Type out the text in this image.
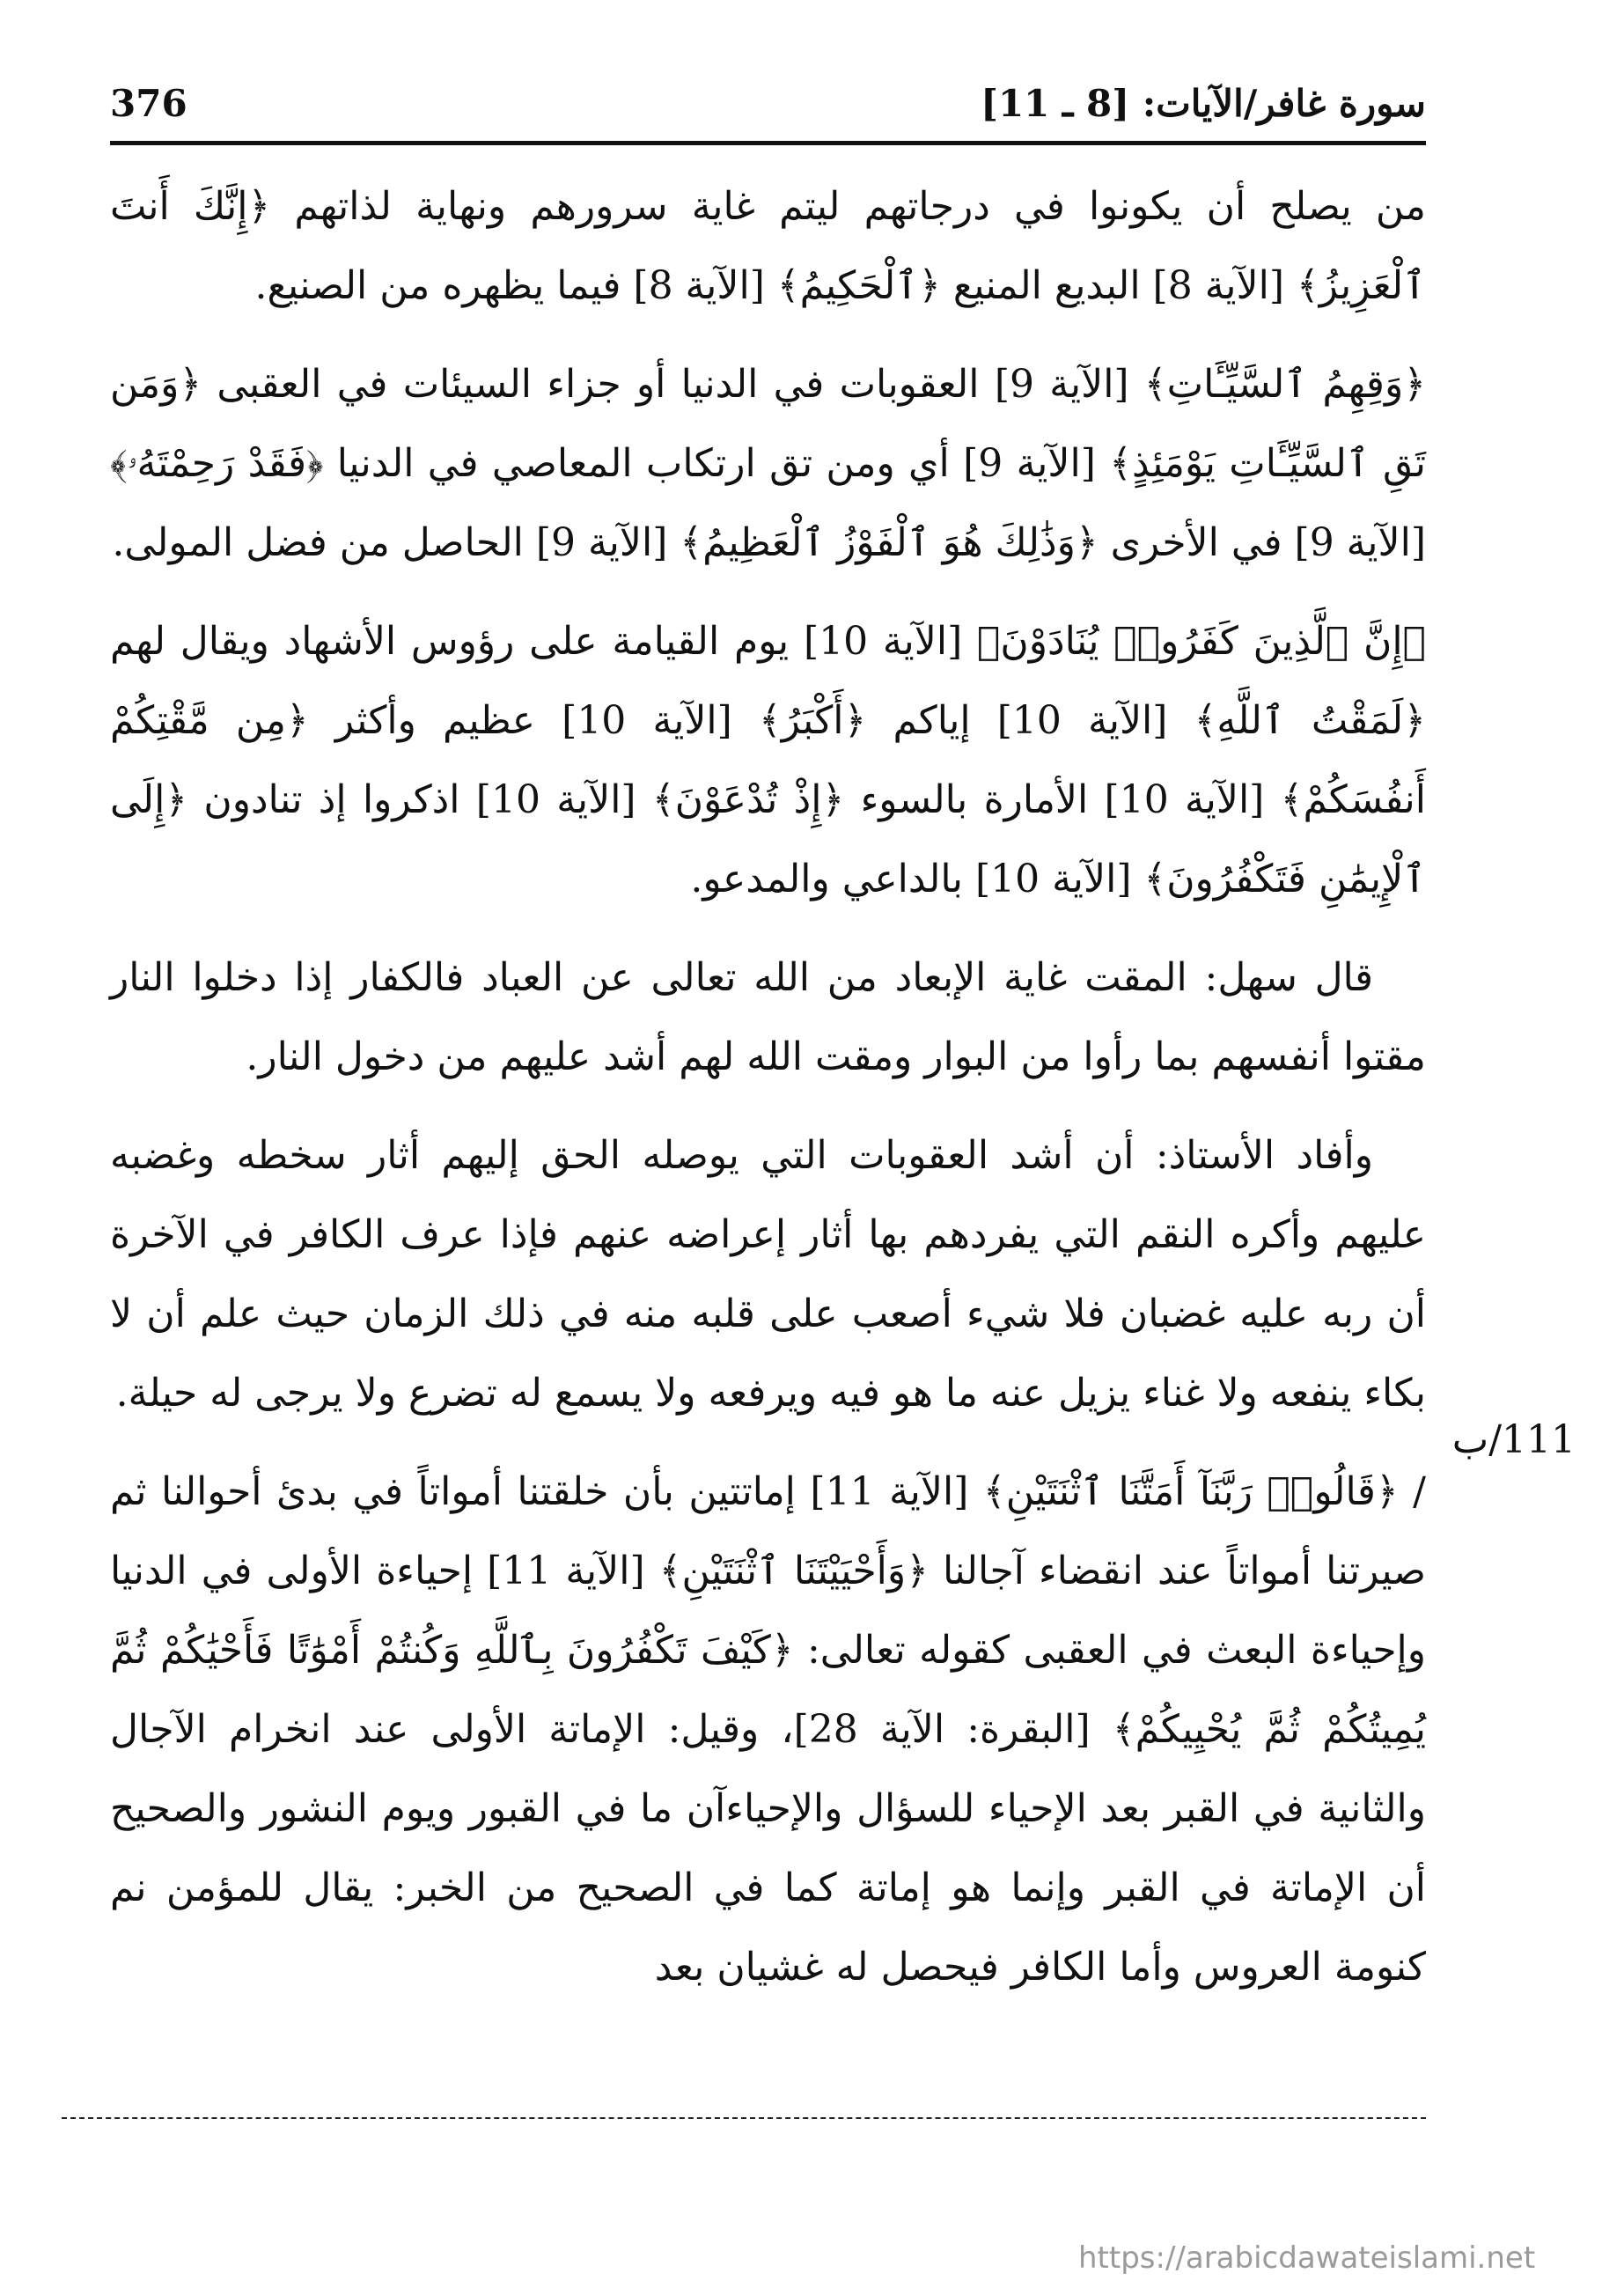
376	سورة غافر/الآيات: [8 ـ 11]
111/ب

من يصلح أن يكونوا في درجاتهم ليتم غاية سرورهم ونهاية لذاتهم ﴿إِنَّكَ أَنتَ ٱلْعَزِيزُ﴾ [الآية 8] البديع المنيع ﴿ٱلْحَكِيمُ﴾ [الآية 8] فيما يظهره من الصنيع.

﴿وَقِهِمُ ٱلسَّيِّـَٔاتِ﴾ [الآية 9] العقوبات في الدنيا أو جزاء السيئات في العقبى ﴿وَمَن تَقِ ٱلسَّيِّـَٔاتِ يَوْمَئِذٍ﴾ [الآية 9] أي ومن تق ارتكاب المعاصي في الدنيا ﴿فَقَدْ رَحِمْتَهُۥ﴾ [الآية 9] في الأخرى ﴿وَذَٰلِكَ هُوَ ٱلْفَوْزُ ٱلْعَظِيمُ﴾ [الآية 9] الحاصل من فضل المولى.

﴿إِنَّ ٱلَّذِينَ كَفَرُوا۟ يُنَادَوْنَ﴾ [الآية 10] يوم القيامة على رؤوس الأشهاد ويقال لهم ﴿لَمَقْتُ ٱللَّهِ﴾ [الآية 10] إياكم ﴿أَكْبَرُ﴾ [الآية 10] عظيم وأكثر ﴿مِن مَّقْتِكُمْ أَنفُسَكُمْ﴾ [الآية 10] الأمارة بالسوء ﴿إِذْ تُدْعَوْنَ﴾ [الآية 10] اذكروا إذ تنادون ﴿إِلَى ٱلْإِيمَٰنِ فَتَكْفُرُونَ﴾ [الآية 10] بالداعي والمدعو.

قال سهل: المقت غاية الإبعاد من الله تعالى عن العباد فالكفار إذا دخلوا النار مقتوا أنفسهم بما رأوا من البوار ومقت الله لهم أشد عليهم من دخول النار.

وأفاد الأستاذ: أن أشد العقوبات التي يوصله الحق إليهم أثار سخطه وغضبه عليهم وأكره النقم التي يفردهم بها أثار إعراضه عنهم فإذا عرف الكافر في الآخرة أن ربه عليه غضبان فلا شيء أصعب على قلبه منه في ذلك الزمان حيث علم أن لا بكاء ينفعه ولا غناء يزيل عنه ما هو فيه ويرفعه ولا يسمع له تضرع ولا يرجى له حيلة.

/ ﴿قَالُوا۟ رَبَّنَآ أَمَتَّنَا ٱثْنَتَيْنِ﴾ [الآية 11] إماتتين بأن خلقتنا أمواتاً في بدئ أحوالنا ثم صيرتنا أمواتاً عند انقضاء آجالنا ﴿وَأَحْيَيْتَنَا ٱثْنَتَيْنِ﴾ [الآية 11] إحياءة الأولى في الدنيا وإحياءة البعث في العقبى كقوله تعالى: ﴿كَيْفَ تَكْفُرُونَ بِٱللَّهِ وَكُنتُمْ أَمْوَٰتًا فَأَحْيَٰكُمْ ثُمَّ يُمِيتُكُمْ ثُمَّ يُحْيِيكُمْ﴾ [البقرة: الآية 28]، وقيل: الإماتة الأولى عند انخرام الآجال والثانية في القبر بعد الإحياء للسؤال والإحياءآن ما في القبور ويوم النشور والصحيح أن الإماتة في القبر وإنما هو إماتة كما في الصحيح من الخبر: يقال للمؤمن نم كنومة العروس وأما الكافر فيحصل له غشيان بعد

https://arabicdawateislami.net
